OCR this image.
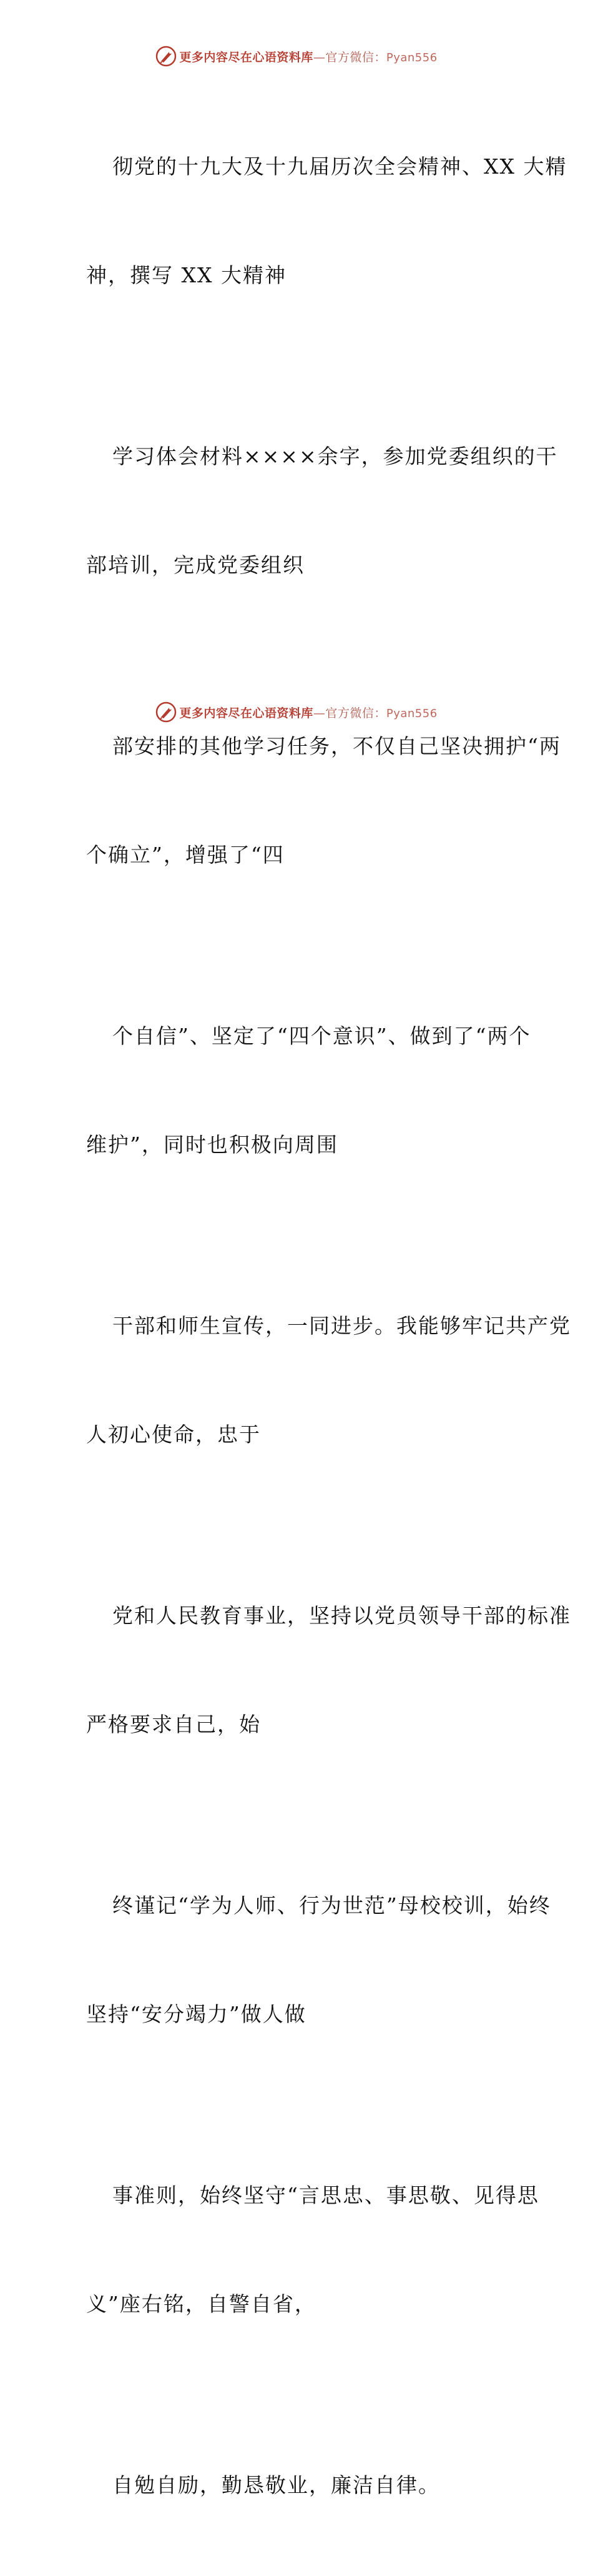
更多内容尽在心语资料库—官方微信：Pyan556

彻党的十九大及十九届历次全会精神、XX 大精

神，撰写 XX 大精神

学习体会材料××××余字，参加党委组织的干

部培训，完成党委组织

部安排的其他学习任务，不仅自己坚决拥护“两

个确立”，增强了“四

个自信”、坚定了“四个意识”、做到了“两个

维护”，同时也积极向周围

干部和师生宣传，一同进步。我能够牢记共产党

人初心使命，忠于

党和人民教育事业，坚持以党员领导干部的标准

严格要求自己，始

终谨记“学为人师、行为世范”母校校训，始终

坚持“安分竭力”做人做

事准则，始终坚守“言思忠、事思敬、见得思

义”座右铭，自警自省，

自勉自励，勤恳敬业，廉洁自律。

更多内容尽在心语资料库—官方微信：Pyan556
